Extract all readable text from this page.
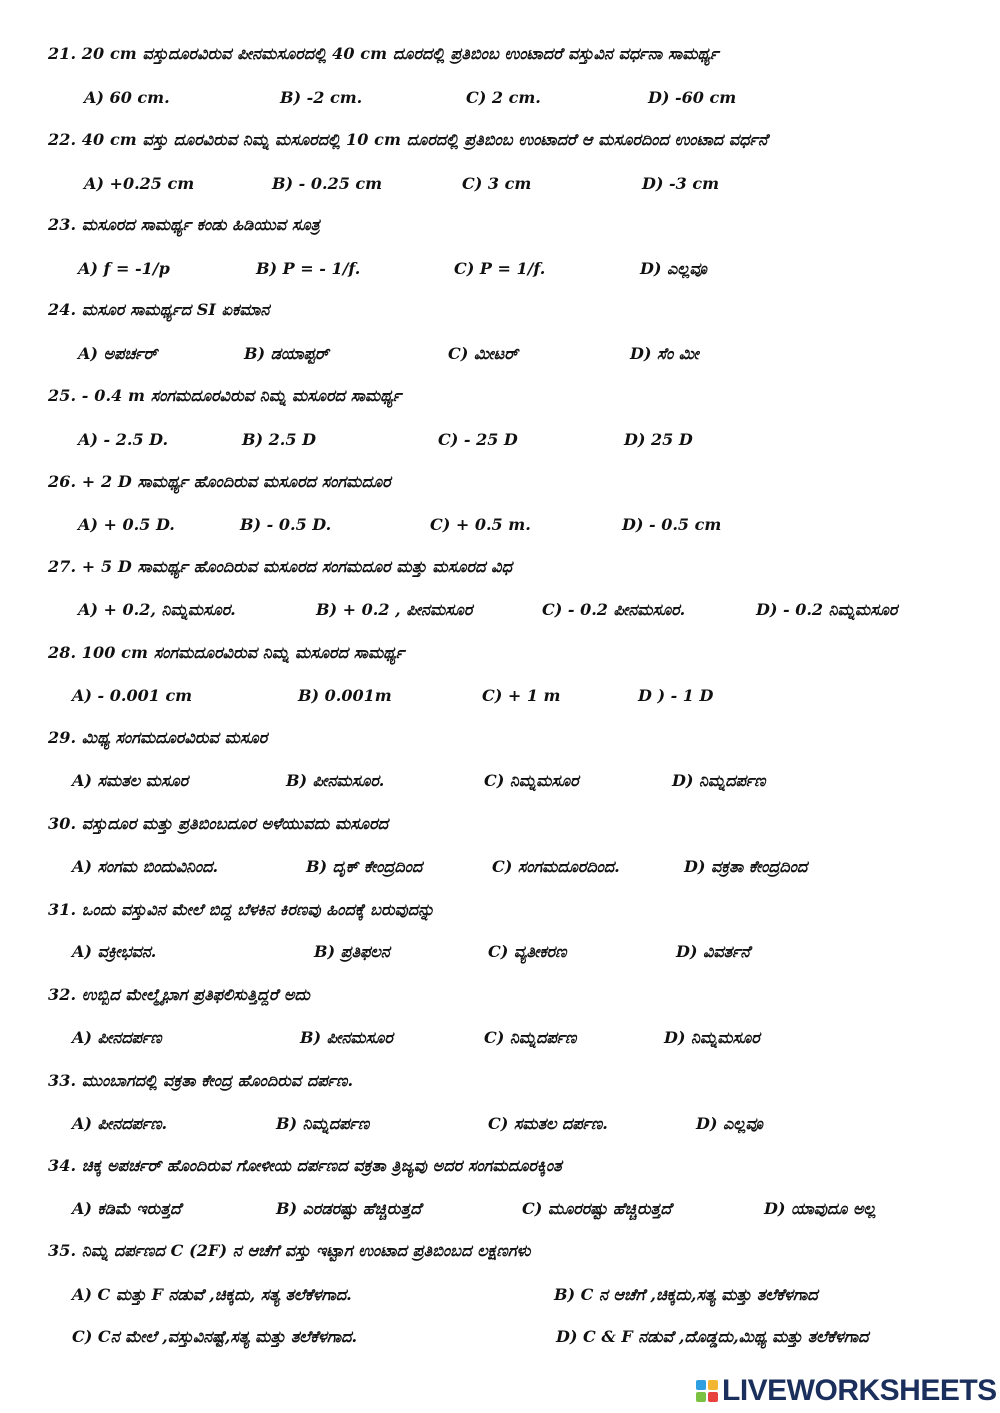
21. 20 cm ವಸ್ತುದೂರವಿರುವ ಪೀನಮಸೂರದಲ್ಲಿ 40 cm ದೂರದಲ್ಲಿ ಪ್ರತಿಬಿಂಬ ಉಂಟಾದರೆ ವಸ್ತುವಿನ ವರ್ಧನಾ ಸಾಮರ್ಥ್ಯ
A) 60 cm.	B) -2 cm.	C) 2 cm.	D) -60 cm
22. 40 cm ವಸ್ತು ದೂರವಿರುವ ನಿಮ್ನ ಮಸೂರದಲ್ಲಿ 10 cm ದೂರದಲ್ಲಿ ಪ್ರತಿಬಿಂಬ ಉಂಟಾದರೆ ಆ ಮಸೂರದಿಂದ ಉಂಟಾದ ವರ್ಧನೆ
A) +0.25 cm	B) - 0.25 cm	C) 3 cm	D) -3 cm
23. ಮಸೂರದ ಸಾಮರ್ಥ್ಯ ಕಂಡು ಹಿಡಿಯುವ ಸೂತ್ರ
A) f = -1/p	B) P = - 1/f.	C) P = 1/f.	D) ಎಲ್ಲವೂ
24. ಮಸೂರ ಸಾಮರ್ಥ್ಯದ SI ಏಕಮಾನ
A) ಅಪರ್ಚರ್	B) ಡಯಾಪ್ಟರ್	C) ಮೀಟರ್	D) ಸೆಂ ಮೀ
25. - 0.4 m ಸಂಗಮದೂರವಿರುವ ನಿಮ್ನ ಮಸೂರದ ಸಾಮರ್ಥ್ಯ
A) - 2.5 D.	B) 2.5 D	C) - 25 D	D) 25 D
26. + 2 D ಸಾಮರ್ಥ್ಯ ಹೊಂದಿರುವ ಮಸೂರದ ಸಂಗಮದೂರ
A) + 0.5 D.	B) - 0.5 D.	C) + 0.5 m.	D) - 0.5 cm
27. + 5 D ಸಾಮರ್ಥ್ಯ ಹೊಂದಿರುವ ಮಸೂರದ ಸಂಗಮದೂರ ಮತ್ತು ಮಸೂರದ ವಿಧ
A) + 0.2, ನಿಮ್ನಮಸೂರ.	B) + 0.2 , ಪೀನಮಸೂರ	C) - 0.2 ಪೀನಮಸೂರ.	D) - 0.2 ನಿಮ್ನಮಸೂರ
28. 100 cm ಸಂಗಮದೂರವಿರುವ ನಿಮ್ನ ಮಸೂರದ ಸಾಮರ್ಥ್ಯ
A) - 0.001 cm	B) 0.001m	C) + 1 m	D ) - 1 D
29. ಮಿಥ್ಯ ಸಂಗಮದೂರವಿರುವ ಮಸೂರ
A) ಸಮತಲ ಮಸೂರ	B) ಪೀನಮಸೂರ.	C) ನಿಮ್ನಮಸೂರ	D) ನಿಮ್ನದರ್ಪಣ
30. ವಸ್ತುದೂರ ಮತ್ತು ಪ್ರತಿಬಿಂಬದೂರ ಅಳೆಯುವದು ಮಸೂರದ
A) ಸಂಗಮ ಬಿಂದುವಿನಿಂದ.	B) ದೃಕ್ ಕೇಂದ್ರದಿಂದ	C) ಸಂಗಮದೂರದಿಂದ.	D) ವಕ್ರತಾ ಕೇಂದ್ರದಿಂದ
31. ಒಂದು ವಸ್ತುವಿನ ಮೇಲೆ ಬಿದ್ದ ಬೆಳಕಿನ ಕಿರಣವು ಹಿಂದಕ್ಕೆ ಬರುವುದನ್ನು
A) ವಕ್ರೀಭವನ.	B) ಪ್ರತಿಫಲನ	C) ವ್ಯತೀಕರಣ	D) ವಿವರ್ತನೆ
32. ಉಬ್ಬಿದ ಮೇಲ್ಮೈಭಾಗ ಪ್ರತಿಫಲಿಸುತ್ತಿದ್ದರೆ ಅದು
A) ಪೀನದರ್ಪಣ	B) ಪೀನಮಸೂರ	C) ನಿಮ್ನದರ್ಪಣ	D) ನಿಮ್ನಮಸೂರ
33. ಮುಂಬಾಗದಲ್ಲಿ ವಕ್ರತಾ ಕೇಂದ್ರ ಹೊಂದಿರುವ ದರ್ಪಣ.
A) ಪೀನದರ್ಪಣ.	B) ನಿಮ್ನದರ್ಪಣ	C) ಸಮತಲ ದರ್ಪಣ.	D) ಎಲ್ಲವೂ
34. ಚಿಕ್ಕ ಅಪರ್ಚರ್ ಹೊಂದಿರುವ ಗೋಳೀಯ ದರ್ಪಣದ ವಕ್ರತಾ ತ್ರಿಜ್ಯವು ಅದರ ಸಂಗಮದೂರಕ್ಕಿಂತ
A) ಕಡಿಮೆ ಇರುತ್ತದೆ	B) ಎರಡರಷ್ಟು ಹೆಚ್ಚಿರುತ್ತದೆ	C) ಮೂರರಷ್ಟು ಹೆಚ್ಚಿರುತ್ತದೆ	D) ಯಾವುದೂ ಅಲ್ಲ
35. ನಿಮ್ನ ದರ್ಪಣದ C (2F) ನ ಆಚೆಗೆ ವಸ್ತು ಇಟ್ಟಾಗ ಉಂಟಾದ ಪ್ರತಿಬಿಂಬದ ಲಕ್ಷಣಗಳು
A) C ಮತ್ತು F ನಡುವೆ ,ಚಿಕ್ಕದು, ಸತ್ಯ ತಲೆಕೆಳಗಾದ.	B) C ನ ಆಚೆಗೆ ,ಚಿಕ್ಕದು,ಸತ್ಯ ಮತ್ತು ತಲೆಕೆಳಗಾದ
C) Cನ ಮೇಲೆ ,ವಸ್ತುವಿನಷ್ಟೆ,ಸತ್ಯ ಮತ್ತು ತಲೆಕೆಳಗಾದ.	D) C & F ನಡುವೆ ,ದೊಡ್ಡದು,ಮಿಥ್ಯ ಮತ್ತು ತಲೆಕೆಳಗಾದ
LIVEWORKSHEETS
